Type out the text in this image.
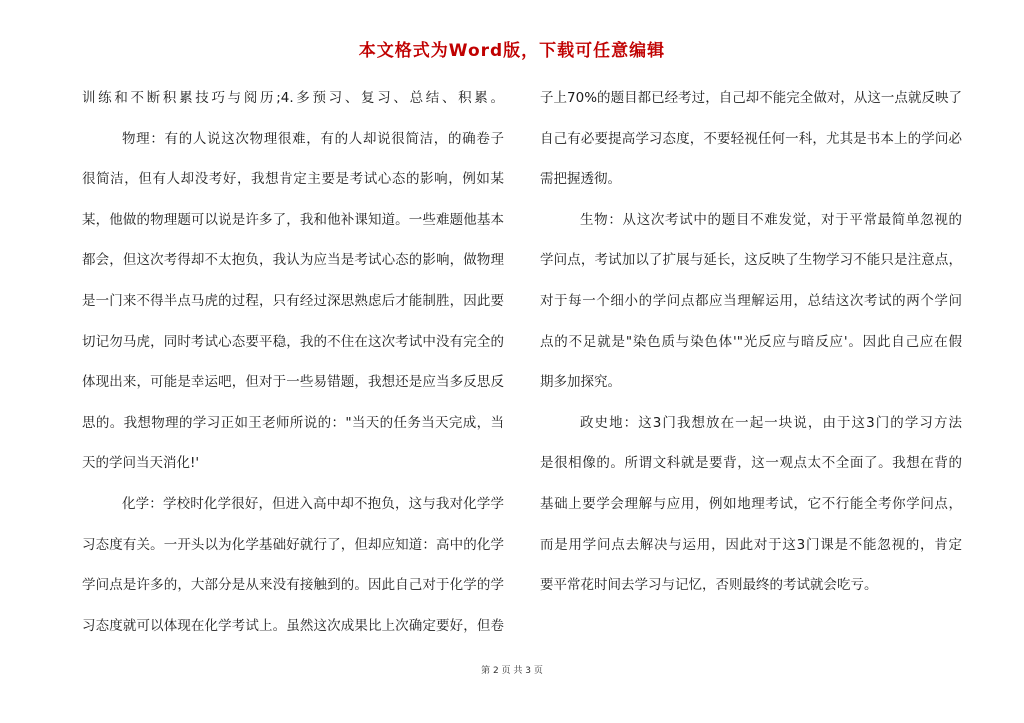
本文格式为Word版，下载可任意编辑
训练和不断积累技巧与阅历;4.多预习、复习、总结、积累。
物理：有的人说这次物理很难，有的人却说很简洁，的确卷子
很简洁，但有人却没考好，我想肯定主要是考试心态的影响，例如某
某，他做的物理题可以说是许多了，我和他补课知道。一些难题他基本
都会，但这次考得却不太抱负，我认为应当是考试心态的影响，做物理
是一门来不得半点马虎的过程，只有经过深思熟虑后才能制胜，因此要
切记勿马虎，同时考试心态要平稳，我的不住在这次考试中没有完全的
体现出来，可能是幸运吧，但对于一些易错题，我想还是应当多反思反
思的。我想物理的学习正如王老师所说的："当天的任务当天完成，当
天的学问当天消化!'
化学：学校时化学很好，但进入高中却不抱负，这与我对化学学
习态度有关。一开头以为化学基础好就行了，但却应知道：高中的化学
学问点是许多的，大部分是从来没有接触到的。因此自己对于化学的学
习态度就可以体现在化学考试上。虽然这次成果比上次确定要好，但卷
子上70%的题目都已经考过，自己却不能完全做对，从这一点就反映了
自己有必要提高学习态度，不要轻视任何一科，尤其是书本上的学问必
需把握透彻。
生物：从这次考试中的题目不难发觉，对于平常最简单忽视的
学问点，考试加以了扩展与延长，这反映了生物学习不能只是注意点，
对于每一个细小的学问点都应当理解运用，总结这次考试的两个学问
点的不足就是"染色质与染色体'"光反应与暗反应'。因此自己应在假
期多加探究。
政史地：这3门我想放在一起一块说，由于这3门的学习方法
是很相像的。所谓文科就是要背，这一观点太不全面了。我想在背的
基础上要学会理解与应用，例如地理考试，它不行能全考你学问点，
而是用学问点去解决与运用，因此对于这3门课是不能忽视的，肯定
要平常花时间去学习与记忆，否则最终的考试就会吃亏。
第 2 页 共 3 页
